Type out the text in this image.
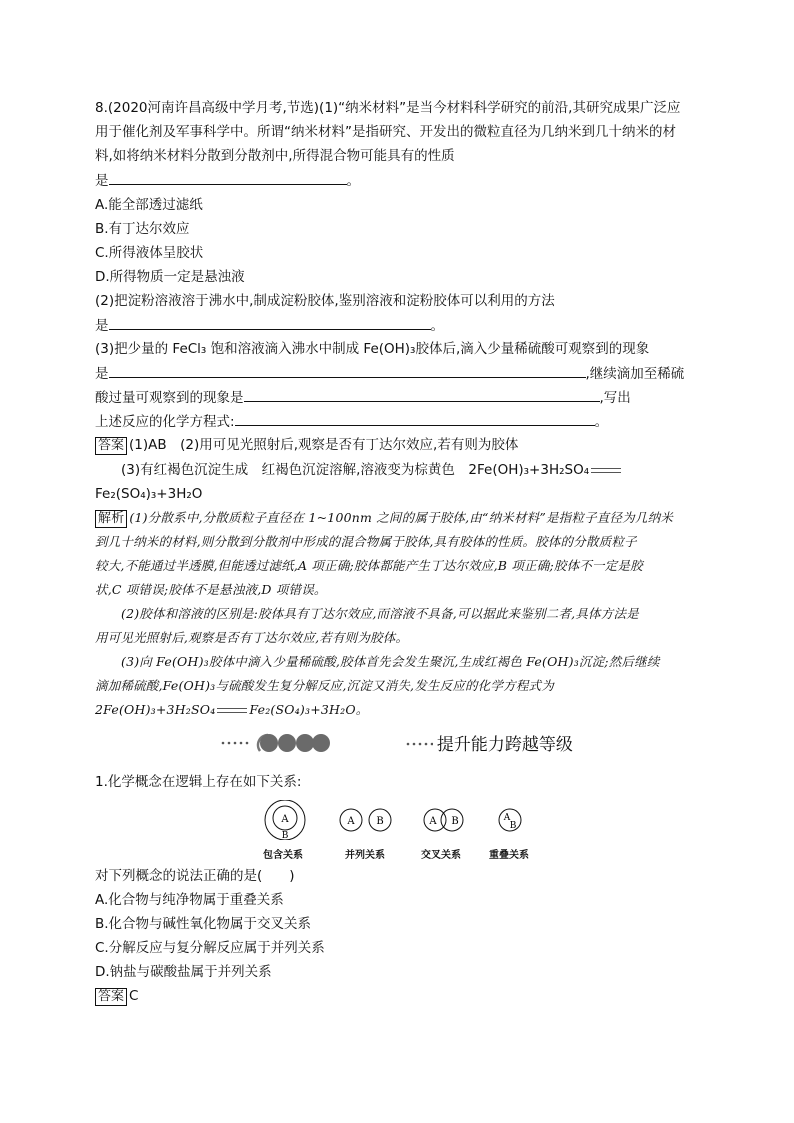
8.(2020河南许昌高级中学月考,节选)(1)“纳米材料”是当今材料科学研究的前沿,其研究成果广泛应
用于催化剂及军事科学中。所谓“纳米材料”是指研究、开发出的微粒直径为几纳米到几十纳米的材
料,如将纳米材料分散到分散剂中,所得混合物可能具有的性质
是	。
A.能全部透过滤纸
B.有丁达尔效应
C.所得液体呈胶状
D.所得物质一定是悬浊液
(2)把淀粉溶液溶于沸水中,制成淀粉胶体,鉴别溶液和淀粉胶体可以利用的方法
是	。
(3)把少量的 FeCl₃ 饱和溶液滴入沸水中制成 Fe(OH)₃胶体后,滴入少量稀硫酸可观察到的现象
是	,继续滴加至稀硫
酸过量可观察到的现象是	,写出
上述反应的化学方程式:	。
答案 (1)AB　(2)用可见光照射后,观察是否有丁达尔效应,若有则为胶体
(3)有红褐色沉淀生成　红褐色沉淀溶解,溶液变为棕黄色　2Fe(OH)₃+3H₂SO₄
Fe₂(SO₄)₃+3H₂O
解析 (1)分散系中,分散质粒子直径在 1~100nm 之间的属于胶体,由“纳米材料”是指粒子直径为几纳米
到几十纳米的材料,则分散到分散剂中形成的混合物属于胶体,具有胶体的性质。胶体的分散质粒子
较大,不能通过半透膜,但能透过滤纸,A 项正确;胶体都能产生丁达尔效应,B 项正确;胶体不一定是胶
状,C 项错误;胶体不是悬浊液,D 项错误。
(2)胶体和溶液的区别是:胶体具有丁达尔效应,而溶液不具备,可以据此来鉴别二者,具体方法是
用可见光照射后,观察是否有丁达尔效应,若有则为胶体。
(3)向 Fe(OH)₃胶体中滴入少量稀硫酸,胶体首先会发生聚沉,生成红褐色 Fe(OH)₃沉淀;然后继续
滴加稀硫酸,Fe(OH)₃与硫酸发生复分解反应,沉淀又消失,发生反应的化学方程式为
2Fe(OH)₃+3H₂SO₄	Fe₂(SO₄)₃+3H₂O。
提升能力跨越等级
1.化学概念在逻辑上存在如下关系:
A
B
A B	A B	A
B
包含关系	并列关系	交叉关系	重叠关系
对下列概念的说法正确的是(　　)
A.化合物与纯净物属于重叠关系
B.化合物与碱性氧化物属于交叉关系
C.分解反应与复分解反应属于并列关系
D.钠盐与碳酸盐属于并列关系
答案 C
